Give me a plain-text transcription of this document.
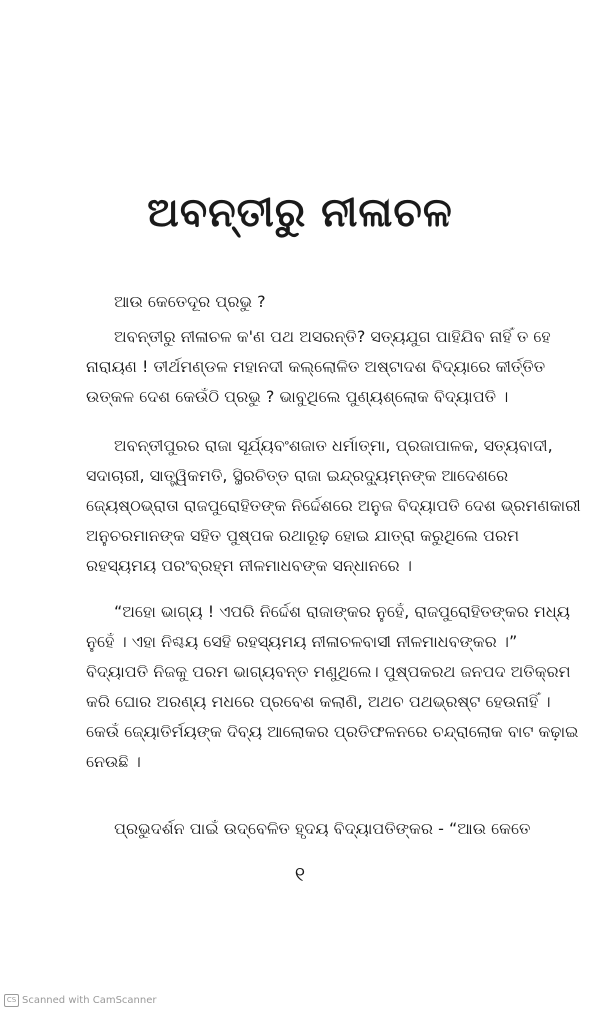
ଅବନ୍ତୀରୁ ନୀଳାଚଳ

ଆଉ କେତେଦୂର ପ୍ରଭୁ ?

ଅବନ୍ତୀରୁ ନୀଳାଚଳ କ'ଣ ପଥ ଅସରନ୍ତି? ସତ୍ୟଯୁଗ ପାହିଯିବ ନାହିଁ ତ ହେ ନାରାୟଣ ! ତୀର୍ଥମଣ୍ଡଳ ମହାନଦୀ କଲ୍ଲୋଳିତ ଅଷ୍ଟାଦଶ ବିଦ୍ୟାରେ କୀର୍ତ୍ତିତ ଉତ୍କଳ ଦେଶ କେଉଁଠି ପ୍ରଭୁ ? ଭାବୁଥିଲେ ପୁଣ୍ୟଶ୍ଲୋକ ବିଦ୍ୟାପତି ।

ଅବନ୍ତୀପୁରର ରାଜା ସୂର୍ଯ୍ୟବଂଶଜାତ ଧର୍ମାତ୍ମା, ପ୍ରଜାପାଳକ, ସତ୍ୟବାଦୀ, ସଦାଚାରୀ, ସାତ୍ତ୍ୱିକମତି, ସ୍ଥିରଚିତ୍ତ ରାଜା ଇନ୍ଦ୍ରଦ୍ୟୁମ୍ନଙ୍କ ଆଦେଶରେ ଜ୍ୟେଷ୍ଠଭ୍ରାତା ରାଜପୁରୋହିତଙ୍କ ନିର୍ଦ୍ଦେଶରେ ଅନୁଜ ବିଦ୍ୟାପତି ଦେଶ ଭ୍ରମଣକାରୀ ଅନୁଚରମାନଙ୍କ ସହିତ ପୁଷ୍ପକ ରଥାରୂଢ଼ ହୋଇ ଯାତ୍ରା କରୁଥିଲେ ପରମ ରହସ୍ୟମୟ ପରଂବ୍ରହ୍ମ ନୀଳମାଧବଙ୍କ ସନ୍ଧାନରେ ।

“ଅହୋ ଭାଗ୍ୟ ! ଏପରି ନିର୍ଦ୍ଦେଶ ରାଜାଙ୍କର ନୁହେଁ, ରାଜପୁରୋହିତଙ୍କର ମଧ୍ୟ ନୁହେଁ । ଏହା ନିଶ୍ଚୟ ସେହି ରହସ୍ୟମୟ ନୀଳାଚଳବାସୀ ନୀଳମାଧବଙ୍କର ।” ବିଦ୍ୟାପତି ନିଜକୁ ପରମ ଭାଗ୍ୟବନ୍ତ ମଣୁଥିଲେ। ପୁଷ୍ପକରଥ ଜନପଦ ଅତିକ୍ରମ କରି ଘୋର ଅରଣ୍ୟ ମଧରେ ପ୍ରବେଶ କଲାଣି, ଅଥଚ ପଥଭ୍ରଷ୍ଟ ହେଉନାହିଁ । କେଉଁ ଜ୍ୟୋତିର୍ମୟଙ୍କ ଦିବ୍ୟ ଆଲୋକର ପ୍ରତିଫଳନରେ ଚନ୍ଦ୍ରାଲୋକ ବାଟ କଢ଼ାଇ ନେଉଛି ।

ପ୍ରଭୁଦର୍ଶନ ପାଇଁ ଉଦ୍‌ବେଳିତ ହୃଦୟ ବିଦ୍ୟାପତିଙ୍କର - “ଆଉ କେତେ

୧
CS Scanned with CamScanner
